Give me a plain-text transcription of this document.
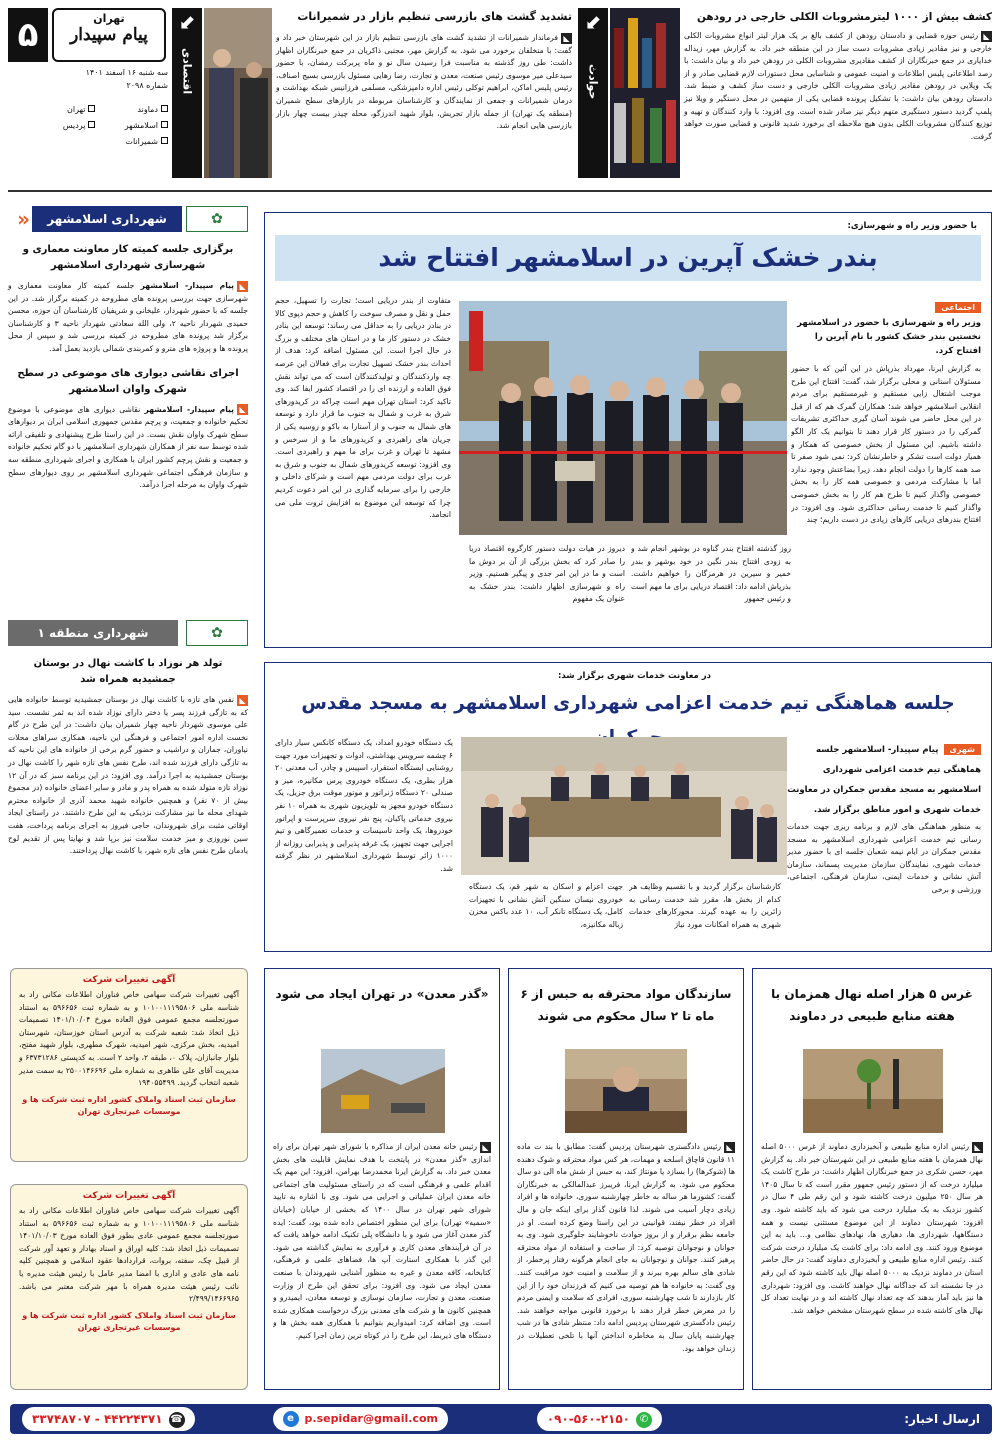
۵	تهران
پیام سپیدار
سه شنبه ۱۶ اسفند ۱۴۰۱
شماره ۲۰۹۸
دماوند تهران اسلامشهر پردیس شمیرانات
⬋
اقتصادی
تشدید گشت های بازرسی تنظیم بازار در شمیرانات
◣فرماندار شمیرانات از تشدید گشت های بازرسی تنظیم بازار در این شهرستان خبر داد و گفت: با متخلفان برخورد می شود. به گزارش مهر، مجتبی ذاکریان در جمع خبرنگاران اظهار داشت: طی روز گذشته به مناسبت فرا رسیدن سال نو و ماه پربرکت رمضان، با حضور سیدعلی میر موسوی رئیس صنعت، معدن و تجارت، رضا رهایی مسئول بازرسی بسیج اصناف، رئیس پلیس اماکن، ابراهیم توکلی رئیس اداره دامپزشکی، مسلمی فرزانیس شبکه بهداشت و درمان شمیرانات و جمعی از نمایندگان و کارشناسان مربوطه در بازارهای سطح شمیران (منطقه یک تهران) از جمله بازار تجریش، بلوار شهید اندرزگو، محله چیذر بیست چهار بازار بازرسی هایی انجام شد.
⬋
حوادث
کشف بیش از ۱۰۰۰ لیترمشروبات الکلی خارجی در رودهن
◣رئیس حوزه قضایی و دادستان رودهن از کشف بالغ بر یک هزار لیتر انواع مشروبات الکلی خارجی و نیز مقادیر زیادی مشروبات دست ساز در این منطقه خبر داد. به گزارش مهر، زیداله خدایاری در جمع خبرنگاران از کشف مقادیری مشروبات الکلی در رودهن خبر داد و بیان داشت: با رصد اطلاعاتی پلیس اطلاعات و امنیت عمومی و شناسایی محل دستورات لازم قضایی صادر و از یک ویلایی در رودهن مقادیر زیادی مشروبات الکلی خارجی و دست ساز کشف و ضبط شد. دادستان رودهن بیان داشت: با تشکیل پرونده قضایی یکی از متهمین در محل دستگیر و ویلا نیز پلمپ گردید دستور دستگیری متهم دیگر نیز صادر شده است. وی افزود: با وارد کنندگان و تهیه و توزیع کنندگان مشروبات الکلی بدون هیچ ملاحظه ای برخورد شدید قانونی و قضایی صورت خواهد گرفت.
«	شهرداری اسلامشهر	✿
برگزاری جلسه کمیته کار معاونت معماری و شهرسازی شهرداری اسلامشهر
◣پیام سپیدار- اسلامشهر جلسه کمیته کار معاونت معماری و شهرسازی جهت بررسی پرونده های مطروحه در کمیته برگزار شد. در این جلسه که با حضور شهردار، علیخانی و شریفیان کارشناسان آن حوزه، محسن حمیدی شهردار ناحیه ۲، ولی الله سعادتی شهردار ناحیه ۳ و کارشناسان برگزار شد پرونده های مطروحه در کمیته بررسی شد و سپس از محل پرونده ها و پروژه های مترو و کمربندی شمالی بازدید بعمل آمد.
اجرای نقاشی دیواری های موضوعی در سطح شهرک واوان اسلامشهر
◣پیام سپیدار- اسلامشهر نقاشی دیواری های موضوعی با موضوع تحکیم خانواده و جمعیت، و پرچم مقدس جمهوری اسلامی ایران بر دیوارهای سطح شهرک واوان نقش بست. در این راستا طرح پیشنهادی و تلفیقی ارائه شده توسط سه نفر از همکاران شهرداری اسلامشهر با دو گام تحکیم خانواده و جمعیت و نقش پرچم کشور ایران با همکاری و اجرای شهرداری منطقه سه و سازمان فرهنگی اجتماعی شهرداری اسلامشهر بر روی دیوارهای سطح شهرک واوان به مرحله اجرا درآمد.
شهرداری منطقه ۱	✿
تولد هر نوزاد با کاشت نهال در بوستان جمشیدیه همراه شد
◣نفس های تازه با کاشت نهال در بوستان جمشیدیه توسط خانواده هایی که به تازگی فرزند پسر یا دختر دارای نوزاد شده اند به ثمر نشست. سید علی موسوی شهردار ناحیه چهار شمیران بیان داشت: در این طرح در گام نخست اداره امور اجتماعی و فرهنگی این ناحیه، همکاری سراهای محلات نیاوران، جماران و دراشیب و حضور گرم برخی از خانواده های این ناحیه که به تازگی دارای فرزند شده اند، طرح نفس های تازه شهر را کاشت نهال در بوستان جمشیدیه به اجرا درآمد. وی افزود: در این برنامه سبز که در آن ۱۲ نوزاد تازه متولد شده به همراه پدر و مادر و سایر اعضای خانواده (در مجموع بیش از ۷۰ نفر) و همچنین خانواده شهید محمد آذری از خانواده محترم شهدای محله ما نیز مشارکت نزدیکی به این طرح داشتند. در راستای ایجاد اوقاتی مثبت برای شهروندان، حاجی فیروز به اجرای برنامه پرداخت، هفت سین نوروزی و میز خدمت سلامت نیز برپا شد و نهایتا پس از تقدیم لوح یادمان طرح نفس های تازه شهر، با کاشت نهال پرداختند.
با حضور وزیر راه و شهرسازی:
بندر خشک آپرین در اسلامشهر افتتاح شد
اجتماعی
وزیر راه و شهرسازی با حضور در اسلامشهر نخستین بندر خشک کشور با نام آپرین را افتتاح کرد.
به گزارش ایرنا، مهرداد بذرپاش در این آئین که با حضور مسئولان استانی و محلی برگزار شد، گفت: افتتاح این طرح موجب اشتغال زایی مستقیم و غیرمستقیم برای مردم انقلابی اسلامشهر خواهد شد؛ همکاران گمرک هم که از قبل در این محل حاضر می شوند آسان گیری حداکثری تشریفات گمرکی را در دستور کار قرار دهند تا بتوانیم یک کار الگو داشته باشیم. این مسئول از بخش خصوصی که همکار و همیار دولت است تشکر و خاطرنشان کرد: نمی شود صفر تا صد همه کارها را دولت انجام دهد، زیرا بضاعتش وجود ندارد اما با مشارکت مردمی و خصوصی همه کار را به بخش خصوصی واگذار کنیم تا طرح هم کار را به بخش خصوصی واگذار کنیم تا خدمت رسانی حداکثری شود. وی افزود: در افتتاح بندرهای دریایی کارهای زیادی در دست داریم؛ چند
روز گذشته افتتاح بندر گناوه در بوشهر انجام شد و به زودی افتتاح بندر نگین در خود بوشهر و بندر خمیر و سیرین در هرمزگان را خواهیم داشت. بذرپاش ادامه داد: اقتصاد دریایی برای ما مهم است و رئیس جمهور
دیروز در هیات دولت دستور کارگروه اقتصاد دریا را صادر کرد که بخش بزرگی از آن بر دوش ما است و ما در این امر جدی و پیگیر هستیم. وزیر راه و شهرسازی اظهار داشت: بندر خشک به عنوان یک مفهوم
متفاوت از بندر دریایی است؛ تجارت را تسهیل، حجم حمل و نقل و مصرف سوخت را کاهش و حجم دپوی کالا در بنادر دریایی را به حداقل می رساند؛ توسعه این بنادر خشک در دستور کار ما و در استان های مختلف و بزرگ در حال اجرا است. این مسئول اضافه کرد: هدف از احداث بندر خشک تسهیل تجارت برای فعالان این عرصه چه واردکنندگان و تولیدکنندگان است که می تواند نقش فوق العاده و ارزنده ای را در اقتصاد کشور ایفا کند. وی تاکید کرد: استان تهران مهم است چراکه در کریدورهای شرق به غرب و شمال به جنوب ما قرار دارد و توسعه های شمال به جنوب و از آستارا به باکو و روسیه یکی از جریان های راهبردی و کریدورهای ما و از سرخس و مشهد تا تهران و غرب برای ما مهم و راهبردی است. وی افزود: توسعه کریدورهای شمال به جنوب و شرق به غرب برای دولت مردمی مهم است و شرکای داخلی و خارجی را برای سرمایه گذاری در این امر دعوت کردیم چرا که توسعه این موضوع به افزایش ثروت ملی می انجامد.
در معاونت خدمات شهری برگزار شد:
جلسه هماهنگی تیم خدمت اعزامی شهرداری اسلامشهر به مسجد مقدس
شهری پیام سپیدار- اسلامشهر جلسه هماهنگی تیم خدمت اعزامی شهرداری اسلامشهر به مسجد مقدس جمکران در معاونت خدمات شهری و امور مناطق برگزار شد.
به منظور هماهنگی های لازم و برنامه ریزی جهت خدمات رسانی تیم خدمت اعزامی شهرداری اسلامشهر به مسجد مقدس جمکران در ایام نیمه شعبان جلسه ای با حضور مدیر خدمات شهری، نمایندگان سازمان مدیریت پسماند، سازمان آتش نشانی و خدمات ایمنی، سازمان فرهنگی، اجتماعی، ورزشی و برخی
کارشناسان برگزار گردید و با تقسیم وظایف هر کدام از بخش ها، مقرر شد خدمت رسانی به زائرین را به عهده گیرند. محورکارهای خدمات شهری به همراه امکانات مورد نیاز
جهت اعزام و اسکان به شهر قم، یک دستگاه خودروی نیسان سنگین آتش نشانی با تجهیزات کامل، یک دستگاه تانکر آب، ۱۰ عدد باکس مخزن زباله مکانیزه،
یک دستگاه خودرو امداد، یک دستگاه کانکس سیار دارای ۶ چشمه سرویس بهداشتی، ادوات و تجهیزات مورد جهت روشنایی ایستگاه استقرار، اسپیس و چادر، آب معدنی ۲۰ هزار بطری، یک دستگاه خودروی پرس مکانیزه، میز و صندلی ۲۰ دستگاه ژنراتور و موتور موقت برق جزیل، یک دستگاه خودرو مجهز به تلویزیون شهری به همراه ۱۰ نفر نیروی خدماتی پاکبان، پنج نفر نیروی سرپرست و اپراتور خودروها، یک واحد تاسیسات و خدمات تعمیرگاهی و تیم اجرایی جهت تجهیز، یک غرفه پذیرایی و پذیرایی روزانه از ۱۰۰۰ زائر توسط شهرداری اسلامشهر در نظر گرفته شد.
آگهی تغییرات شرکت
آگهی تغییرات شرکت سهامی خاص فناوران اطلاعات مکانی راد به شناسه ملی ۱۰۱۰۰۱۱۱۹۵۸۰۶ و به شماره ثبت ۵۹۶۶۵۶ به استناد صورتجلسه مجمع عمومی فوق العاده مورخ ۱۴۰۱/۱۰/۰۴ تصمیمات ذیل اتخاذ شد: شعبه شرکت به آدرس استان خوزستان، شهرستان امیدیه، بخش مرکزی، شهر امیدیه، شهرک مطهری، بلوار شهید مفتح، بلوار جانبازان، پلاک ۰، طبقه ۲، واحد ۲ است. به کدپستی ۶۳۷۳۱۲۸۶ و مدیریت آقای علی طاهری به شماره ملی ۲۵۰۰۱۴۶۶۹۶ به سمت مدیر شعبه انتخاب گردید. ۱۹۴۰۵۵۴۹۹
سازمان ثبت اسناد واملاک کشور اداره ثبت شرکت ها و موسسات غیرتجاری تهران
آگهی تغییرات شرکت
آگهی تغییرات شرکت سهامی خاص فناوران اطلاعات مکانی راد به شناسه ملی ۱۰۱۰۰۱۱۱۹۵۸۰۶ و به شماره ثبت ۵۹۶۶۵۶ به استناد صورتجلسه مجمع عمومی عادی بطور فوق العاده مورخ ۱۴۰۱/۱۰/۰۳ تصمیمات ذیل اتخاذ شد: کلیه اوراق و اسناد بهادار و تعهد آور شرکت از قبیل چک، سفته، بروات، قراردادها عقود اسلامی و همچنین کلیه نامه های عادی و اداری با امضا مدیر عامل با رئیس هیئت مدیره یا نائب رئیس هیئت مدیره همراه با مهر شرکت معتبر می باشد. ۲/۴۹۹/۱۴۶۶۹۶۵
سازمان ثبت اسناد واملاک کشور اداره ثبت شرکت ها و موسسات غیرتجاری تهران
غرس ۵ هزار اصله نهال همزمان با هفته منابع طبیعی در دماوند
◣رئیس اداره منابع طبیعی و آبخیزداری دماوند از غرس ۵۰۰۰ اصله نهال همزمان با هفته منابع طبیعی در این شهرستان خبر داد. به گزارش مهر، حسن شکری در جمع خبرنگاران اظهار داشت: در طرح کاشت یک میلیارد درخت که از دستور رئیس جمهور مقرر است که تا سال ۱۴۰۵ هر سال ۲۵۰ میلیون درخت کاشته شود و این رقم طی ۴ سال در کشور نزدیک به یک میلیارد درخت می شود که باید کاشته شود. وی افزود: شهرستان دماوند از این موضوع مستثنی نیست و همه دستگاهها، شهرداری ها، دهیاری ها، نهادهای نظامی و... باید به این موضوع ورود کنند. وی ادامه داد: برای کاشت یک میلیارد درخت شرکت کنند. رئیس اداره منابع طبیعی و آبخیزداری دماوند گفت: در حال حاضر استان در دماوند نزدیک به ۵۰۰۰ اصله نهال باید کاشته شود که این رقم در جا نشسته اند که جداگانه نهال خواهند کاشت. وی افزود: شهرداری ها نیز باید آمار بدهند که چه تعداد نهال کاشته اند و در نهایت تعداد کل نهال های کاشته شده در سطح شهرستان مشخص خواهد شد.
سازندگان مواد محترقه به حبس از ۶ ماه تا ۲ سال محکوم می شوند
◣رئیس دادگستری شهرستان پردیس گفت: مطابق با بند ت ماده ۱۱ قانون قاچاق اسلحه و مهمات، هر کس مواد محترقه و شوک دهنده ها (شوکرها) را بسازد یا مونتاژ کند، به حبس از شش ماه الی دو سال محکوم می شود. به گزارش ایرنا، فریبرز عبدالمالکی به خبرنگاران گفت: کشورما هر ساله به خاطر چهارشنبه سوری، خانواده ها و افراد زیادی دچار آسیب می شوند. لذا قانون گذار برای اینکه جان و مال افراد در خطر نیفتد، قوانینی در این راستا وضع کرده است. او در جامعه نظم برقرار و از بروز حوادث ناخوشایند جلوگیری شود. وی به جوانان و نوجوانان توصیه کرد: از ساخت و استفاده از مواد محترقه پرهیز کنند. جوانان و نوجوانان به جای انجام هرگونه رفتار پرخطر، از شادی های سالم بهره ببرند و از سلامت و امنیت خود مراقبت کنند. وی گفت: به خانواده ها هم توصیه می کنیم که فرزندان خود را از این کار بازدارند تا شب چهارشنبه سوری، افرادی که سلامت و ایمنی مردم را در معرض خطر قرار دهند با برخورد قانونی مواجه خواهند شد. رئیس دادگستری شهرستان پردیس ادامه داد: منتظر شادی ها در شب چهارشنبه پایان سال به مخاطره انداختن آنها با تلخی تعطیلات در زندان خواهد بود.
«گذر معدن» در تهران ایجاد می شود
◣رئیس خانه معدن ایران از مذاکره با شورای شهر تهران برای راه اندازی «گذر معدن» در پایتخت با هدف نمایش قابلیت های بخش معدن خبر داد. به گزارش ایرنا محمدرضا بهرامن، افزود: این مهم یک اقدام علمی و فرهنگی است که در راستای مسئولیت های اجتماعی خانه معدن ایران عملیاتی و اجرایی می شود. وی با اشاره به تایید شورای شهر تهران در سال ۱۴۰۰ که بخشی از خیابان (خیابان «سمیه» تهران) برای این منظور اختصاص داده شده بود، گفت: ایده گذر معدن آغاز می شود و با دانشگاه پلی تکنیک ادامه خواهد یافت که در آن فرآیندهای معدن کاری و فرآوری به نمایش گذاشته می شود. این گذر با همکاری استارت آپ ها، فضاهای علمی و فرهنگی، کتابخانه، کافه معدن و غیره به منظور آشنایی شهروندان با صنعت معدن ایجاد می شود. وی افزود: برای تحقق این طرح از وزارت صنعت، معدن و تجارت، سازمان نوسازی و توسعه معادن، ایمیدرو و همچنین کانون ها و شرکت های معدنی بزرگ درخواست همکاری شده است. وی اضافه کرد: امیدواریم بتوانیم با همکاری همه بخش ها و دستگاه های ذیربط، این طرح را در کوتاه ترین زمان اجرا کنیم.
ارسال اخبار:
✆۰۹۰-۵۶۰-۲۱۵۰
e p.sepidar@gmail.com
☎۴۴۲۲۴۳۷۱ - ۳۳۷۴۸۷۰۷
